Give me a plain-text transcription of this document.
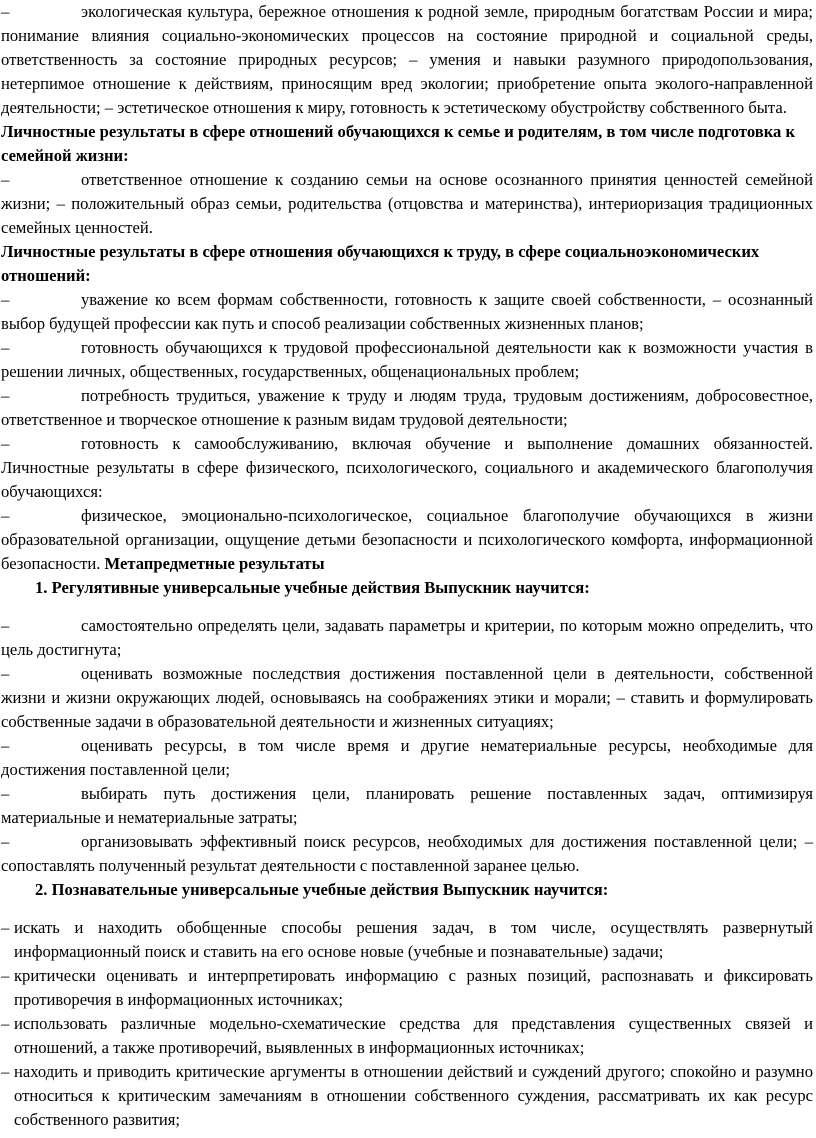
–	экологическая культура, бережное отношения к родной земле, природным богатствам России и мира; понимание влияния социально-экономических процессов на состояние природной и социальной среды, ответственность за состояние природных ресурсов; – умения и навыки разумного природопользования, нетерпимое отношение к действиям, приносящим вред экологии; приобретение опыта эколого-направленной деятельности; – эстетическое отношения к миру, готовность к эстетическому обустройству собственного быта.

Личностные результаты в сфере отношений обучающихся к семье и родителям, в том числе подготовка к семейной жизни:

–	ответственное отношение к созданию семьи на основе осознанного принятия ценностей семейной жизни; – положительный образ семьи, родительства (отцовства и материнства), интериоризация традиционных семейных ценностей.

Личностные результаты в сфере отношения обучающихся к труду, в сфере социальноэкономических отношений:

–	уважение ко всем формам собственности, готовность к защите своей собственности, – осознанный выбор будущей профессии как путь и способ реализации собственных жизненных планов;

–	готовность обучающихся к трудовой профессиональной деятельности как к возможности участия в решении личных, общественных, государственных, общенациональных проблем;

–	потребность трудиться, уважение к труду и людям труда, трудовым достижениям, добросовестное, ответственное и творческое отношение к разным видам трудовой деятельности;

–	готовность к самообслуживанию, включая обучение и выполнение домашних обязанностей. Личностные результаты в сфере физического, психологического, социального и академического благополучия обучающихся:

–	физическое, эмоционально-психологическое, социальное благополучие обучающихся в жизни образовательной организации, ощущение детьми безопасности и психологического комфорта, информационной безопасности. Метапредметные результаты

1. Регулятивные универсальные учебные действия Выпускник научится:

–	самостоятельно определять цели, задавать параметры и критерии, по которым можно определить, что цель достигнута;

–	оценивать возможные последствия достижения поставленной цели в деятельности, собственной жизни и жизни окружающих людей, основываясь на соображениях этики и морали; – ставить и формулировать собственные задачи в образовательной деятельности и жизненных ситуациях;

–	оценивать ресурсы, в том числе время и другие нематериальные ресурсы, необходимые для достижения поставленной цели;

–	выбирать путь достижения цели, планировать решение поставленных задач, оптимизируя материальные и нематериальные затраты;

–	организовывать эффективный поиск ресурсов, необходимых для достижения поставленной цели; – сопоставлять полученный результат деятельности с поставленной заранее целью.

2. Познавательные универсальные учебные действия Выпускник научится:

– искать и находить обобщенные способы решения задач, в том числе, осуществлять развернутый информационный поиск и ставить на его основе новые (учебные и познавательные) задачи;

– критически оценивать и интерпретировать информацию с разных позиций, распознавать и фиксировать противоречия в информационных источниках;

– использовать различные модельно-схематические средства для представления существенных связей и отношений, а также противоречий, выявленных в информационных источниках;

– находить и приводить критические аргументы в отношении действий и суждений другого; спокойно и разумно относиться к критическим замечаниям в отношении собственного суждения, рассматривать их как ресурс собственного развития;
